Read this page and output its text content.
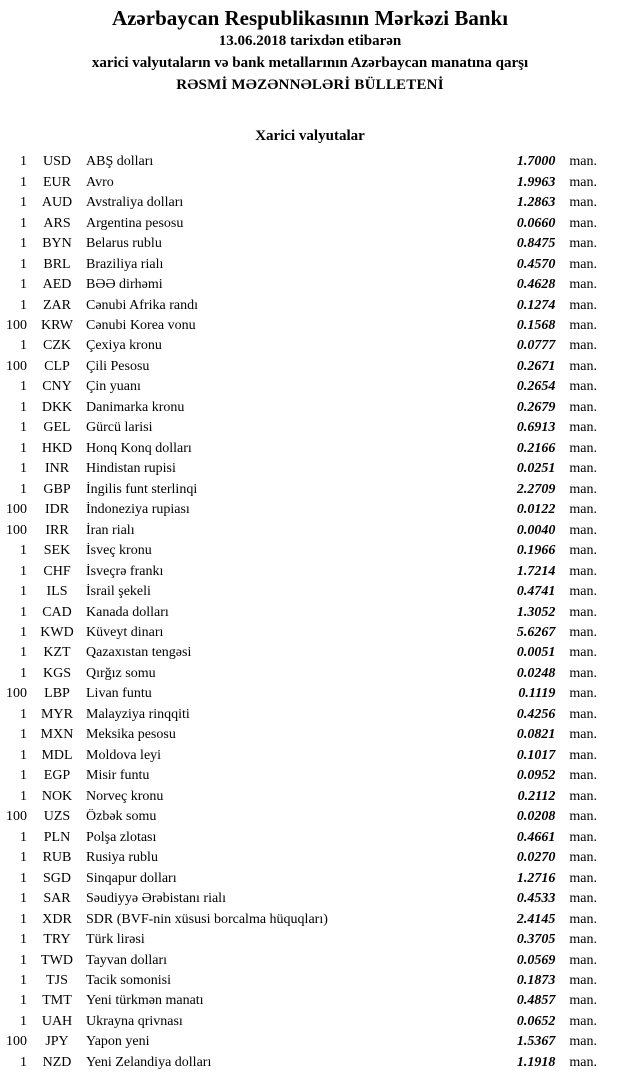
Azərbaycan Respublikasının Mərkəzi Bankı
13.06.2018 tarixdən etibarən
xarici valyutaların və bank metallarının Azərbaycan manatına qarşı
RƏSMİ MƏZƏNNƏLƏRİ BÜLLETENİ
Xarici valyutalar
1	USD	ABŞ dolları	1.7000 man.
1	EUR	Avro	1.9963 man.
1	AUD Avstraliya dolları	1.2863 man.
1	ARS	Argentina pesosu	0.0660 man.
1	BYN	Belarus rublu	0.8475 man.
1	BRL	Braziliya rialı	0.4570 man.
1	AED	BƏƏ dirhəmi	0.4628 man.
1	ZAR	Cənubi Afrika randı	0.1274 man.
100	KRW Cənubi Korea vonu	0.1568 man.
1	CZK	Çexiya kronu	0.0777 man.
100	CLP	Çili Pesosu	0.2671 man.
1	CNY	Çin yuanı	0.2654 man.
1	DKK Danimarka kronu	0.2679 man.
1	GEL	Gürcü larisi	0.6913 man.
1	HKD Honq Konq dolları	0.2166 man.
1	INR	Hindistan rupisi	0.0251 man.
1	GBP	İngilis funt sterlinqi	2.2709 man.
100	IDR	İndoneziya rupiası	0.0122 man.
100	IRR	İran rialı	0.0040 man.
1	SEK	İsveç kronu	0.1966 man.
1	CHF	İsveçrə frankı	1.7214 man.
1	ILS	İsrail şekeli	0.4741 man.
1	CAD	Kanada dolları	1.3052 man.
1 KWD Küveyt dinarı	5.6267 man.
1	KZT	Qazaxıstan tengəsi	0.0051 man.
1	KGS	Qırğız somu	0.0248 man.
100	LBP	Livan funtu	0.1119 man.
1	MYR Malayziya rinqqiti	0.4256 man.
1 MXN Meksika pesosu	0.0821 man.
1	MDL Moldova leyi	0.1017 man.
1	EGP	Misir funtu	0.0952 man.
1	NOK Norveç kronu	0.2112 man.
100	UZS	Özbək somu	0.0208 man.
1	PLN	Polşa zlotası	0.4661 man.
1	RUB	Rusiya rublu	0.0270 man.
1	SGD	Sinqapur dolları	1.2716 man.
1	SAR	Səudiyyə Ərəbistanı rialı	0.4533 man.
1	XDR	SDR (BVF-nin xüsusi borcalma hüquqları)	2.4145 man.
1	TRY	Türk lirəsi	0.3705 man.
1	TWD Tayvan dolları	0.0569 man.
1	TJS	Tacik somonisi	0.1873 man.
1	TMT	Yeni türkmən manatı	0.4857 man.
1	UAH Ukrayna qrivnası	0.0652 man.
100	JPY	Yapon yeni	1.5367 man.
1	NZD	Yeni Zelandiya dolları	1.1918 man.
